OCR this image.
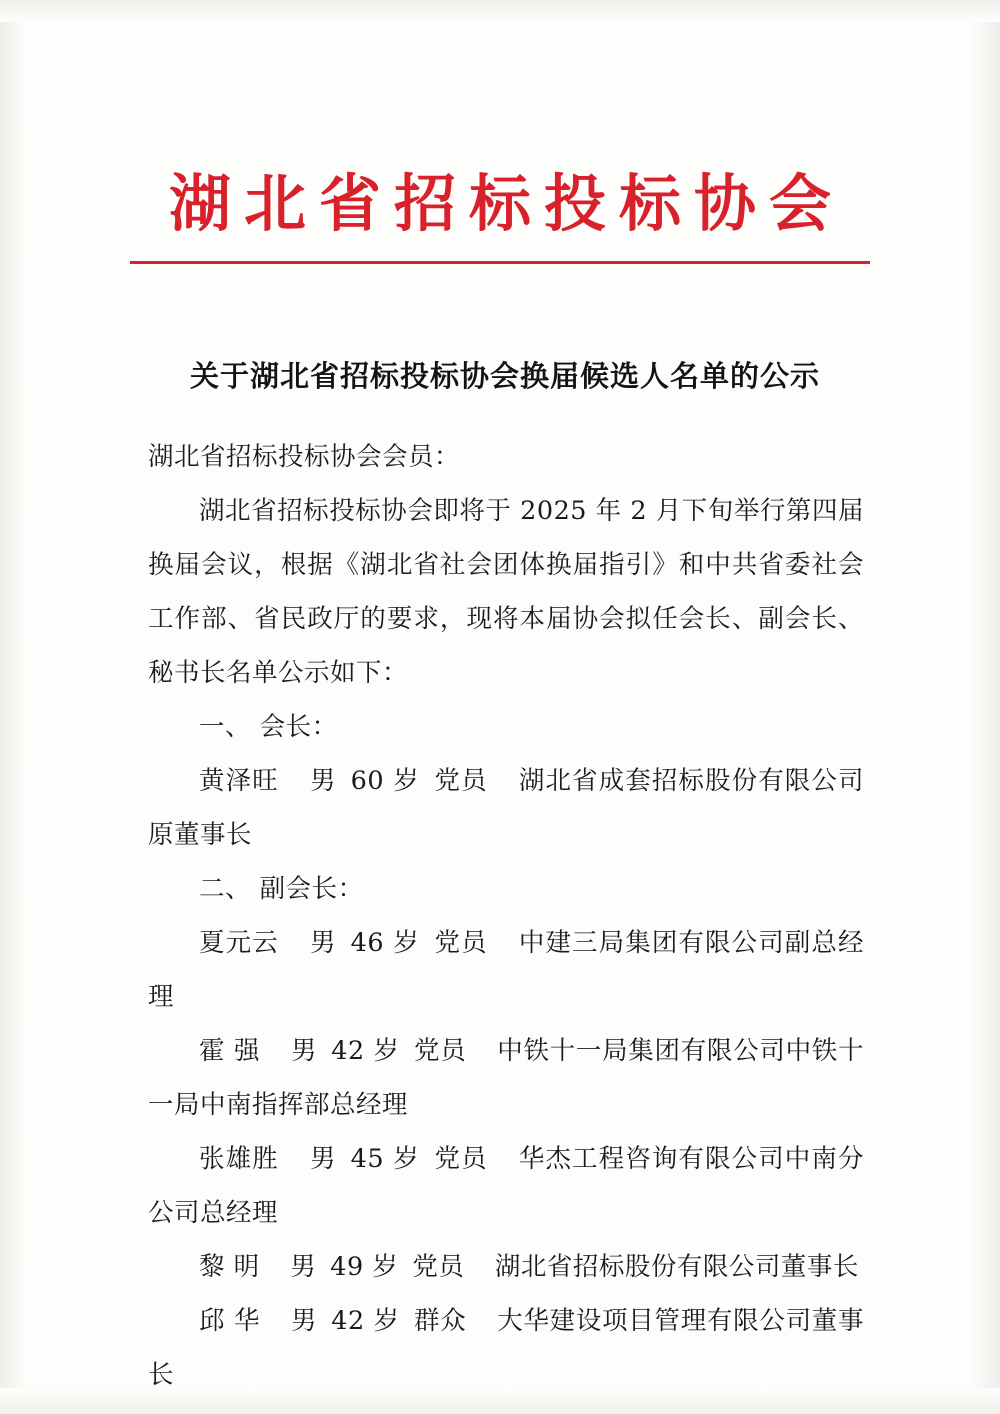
湖北省招标投标协会
关于湖北省招标投标协会换届候选人名单的公示

湖北省招标投标协会会员：

湖北省招标投标协会即将于 2025 年 2 月下旬举行第四届换届会议，根据《湖北省社会团体换届指引》和中共省委社会工作部、省民政厅的要求，现将本届协会拟任会长、副会长、秘书长名单公示如下：

一、 会长：

黄泽旺 男 60 岁 党员 湖北省成套招标股份有限公司原董事长

二、 副会长：

夏元云 男 46 岁 党员 中建三局集团有限公司副总经理

霍 强 男 42 岁 党员 中铁十一局集团有限公司中铁十一局中南指挥部总经理

张雄胜 男 45 岁 党员 华杰工程咨询有限公司中南分公司总经理

黎 明 男 49 岁 党员 湖北省招标股份有限公司董事长

邱 华 男 42 岁 群众 大华建设项目管理有限公司董事长
